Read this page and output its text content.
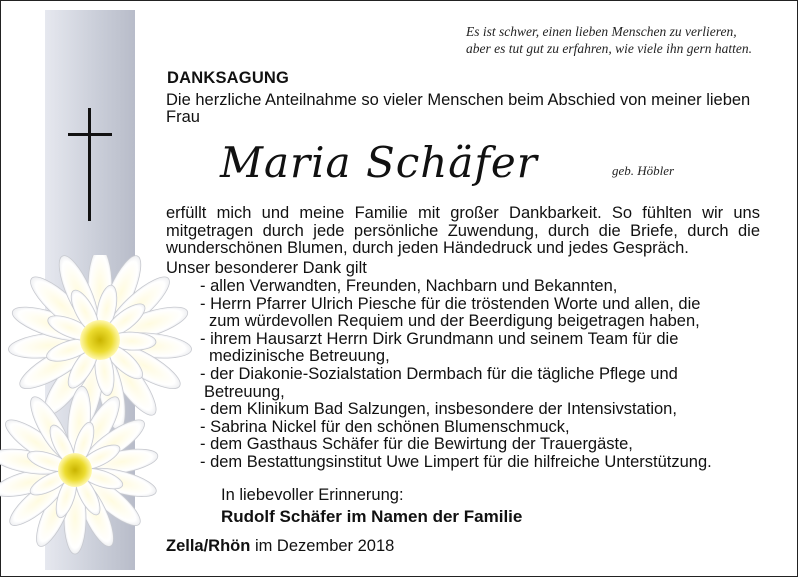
Es ist schwer, einen lieben Menschen zu verlieren,
aber es tut gut zu erfahren, wie viele ihn gern hatten.
DANKSAGUNG
Die herzliche Anteilnahme so vieler Menschen beim Abschied von meiner lieben Frau
Maria Schäfer	geb. Höbler
erfüllt mich und meine Familie mit großer Dankbarkeit. So fühlten wir uns mitgetragen durch jede persönliche Zuwendung, durch die Briefe, durch die wunderschönen Blumen, durch jeden Händedruck und jedes Gespräch.
Unser besonderer Dank gilt
- allen Verwandten, Freunden, Nachbarn und Bekannten,
- Herrn Pfarrer Ulrich Piesche für die tröstenden Worte und allen, die
zum würdevollen Requiem und der Beerdigung beigetragen haben,
- ihrem Hausarzt Herrn Dirk Grundmann und seinem Team für die
medizinische Betreuung,
- der Diakonie-Sozialstation Dermbach für die tägliche Pflege und
Betreuung,
- dem Klinikum Bad Salzungen, insbesondere der Intensivstation,
- Sabrina Nickel für den schönen Blumenschmuck,
- dem Gasthaus Schäfer für die Bewirtung der Trauergäste,
- dem Bestattungsinstitut Uwe Limpert für die hilfreiche Unterstützung.
In liebevoller Erinnerung:
Rudolf Schäfer im Namen der Familie
Zella/Rhön im Dezember 2018
